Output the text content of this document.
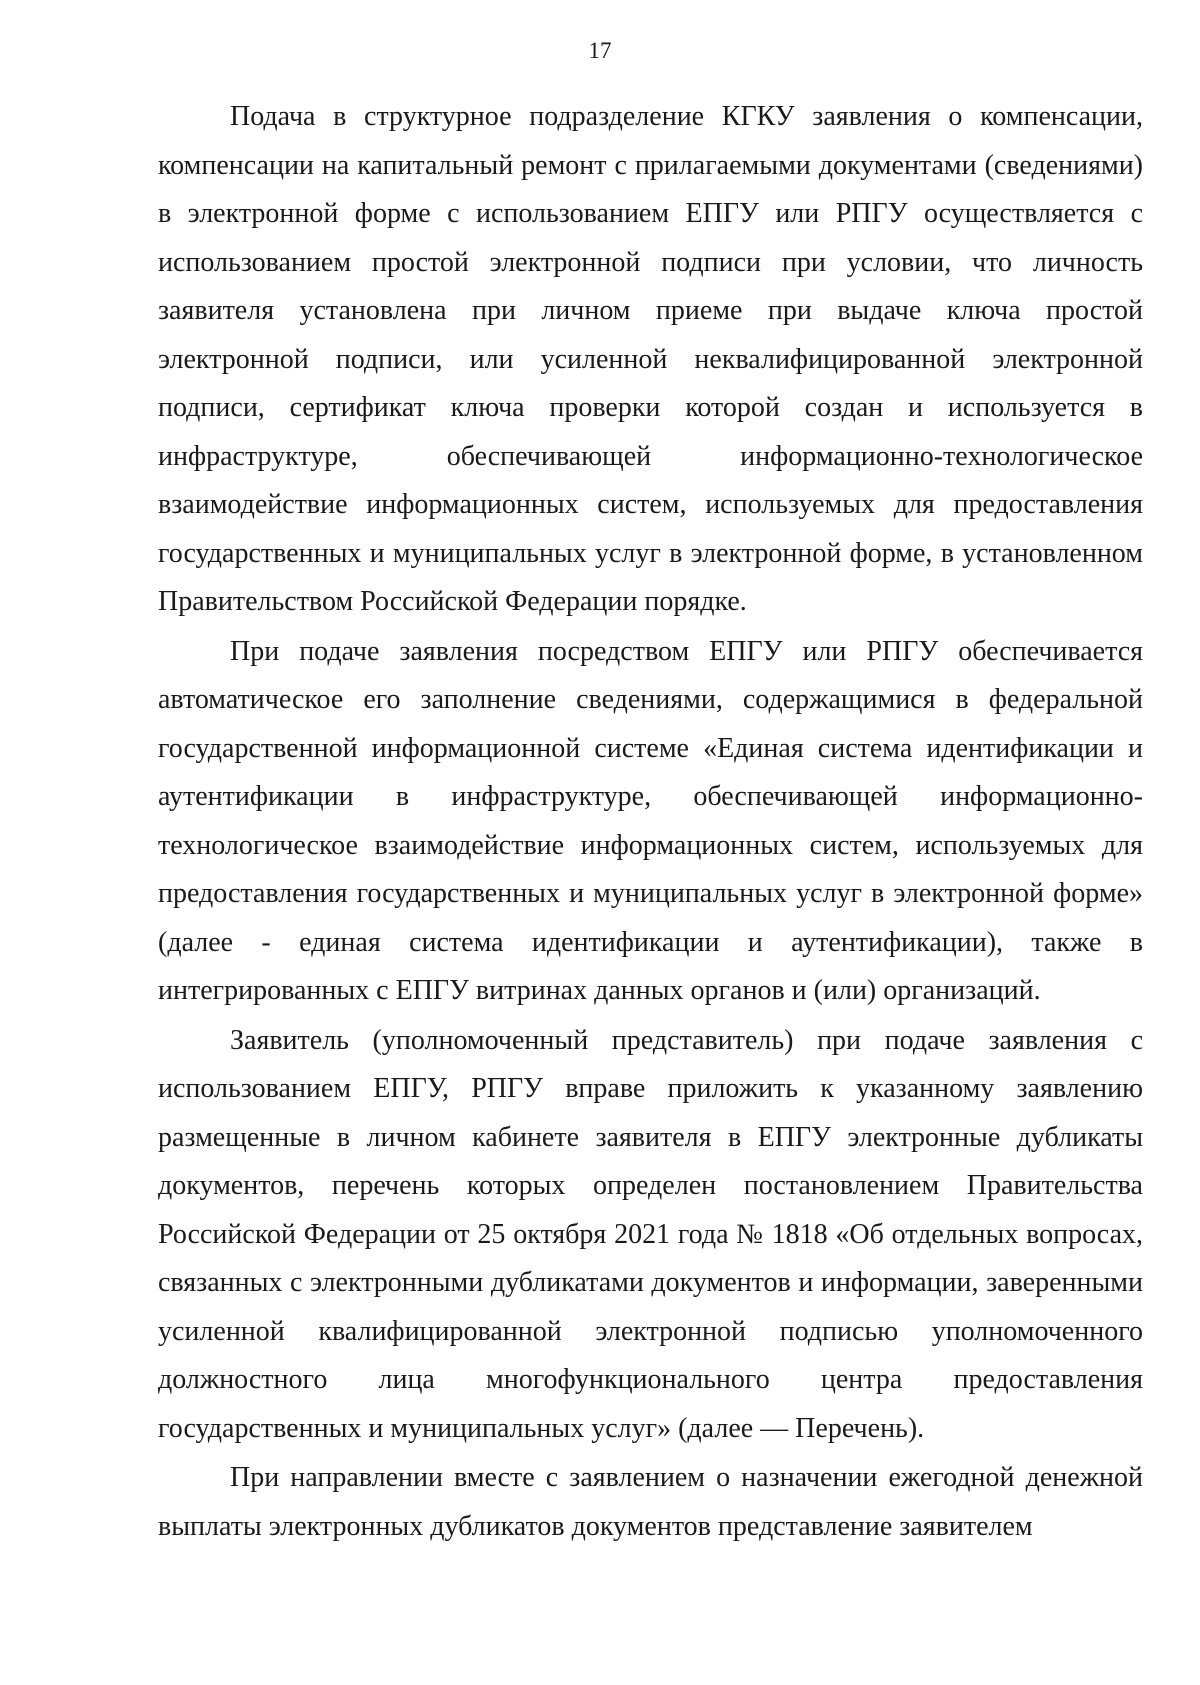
17

Подача в структурное подразделение КГКУ заявления о компенсации, компенсации на капитальный ремонт с прилагаемыми документами (сведениями) в электронной форме с использованием ЕПГУ или РПГУ осуществляется с использованием простой электронной подписи при условии, что личность заявителя установлена при личном приеме при выдаче ключа простой электронной подписи, или усиленной неквалифицированной электронной подписи, сертификат ключа проверки которой создан и используется в инфраструктуре, обеспечивающей информационно-технологическое взаимодействие информационных систем, используемых для предоставления государственных и муниципальных услуг в электронной форме, в установленном Правительством Российской Федерации порядке.

При подаче заявления посредством ЕПГУ или РПГУ обеспечивается автоматическое его заполнение сведениями, содержащимися в федеральной государственной информационной системе «Единая система идентификации и аутентификации в инфраструктуре, обеспечивающей информационно-технологическое взаимодействие информационных систем, используемых для предоставления государственных и муниципальных услуг в электронной форме» (далее - единая система идентификации и аутентификации), также в интегрированных с ЕПГУ витринах данных органов и (или) организаций.

Заявитель (уполномоченный представитель) при подаче заявления с использованием ЕПГУ, РПГУ вправе приложить к указанному заявлению размещенные в личном кабинете заявителя в ЕПГУ электронные дубликаты документов, перечень которых определен постановлением Правительства Российской Федерации от 25 октября 2021 года № 1818 «Об отдельных вопросах, связанных с электронными дубликатами документов и информации, заверенными усиленной квалифицированной электронной подписью уполномоченного должностного лица многофункционального центра предоставления государственных и муниципальных услуг» (далее — Перечень).

При направлении вместе с заявлением о назначении ежегодной денежной выплаты электронных дубликатов документов представление заявителем
